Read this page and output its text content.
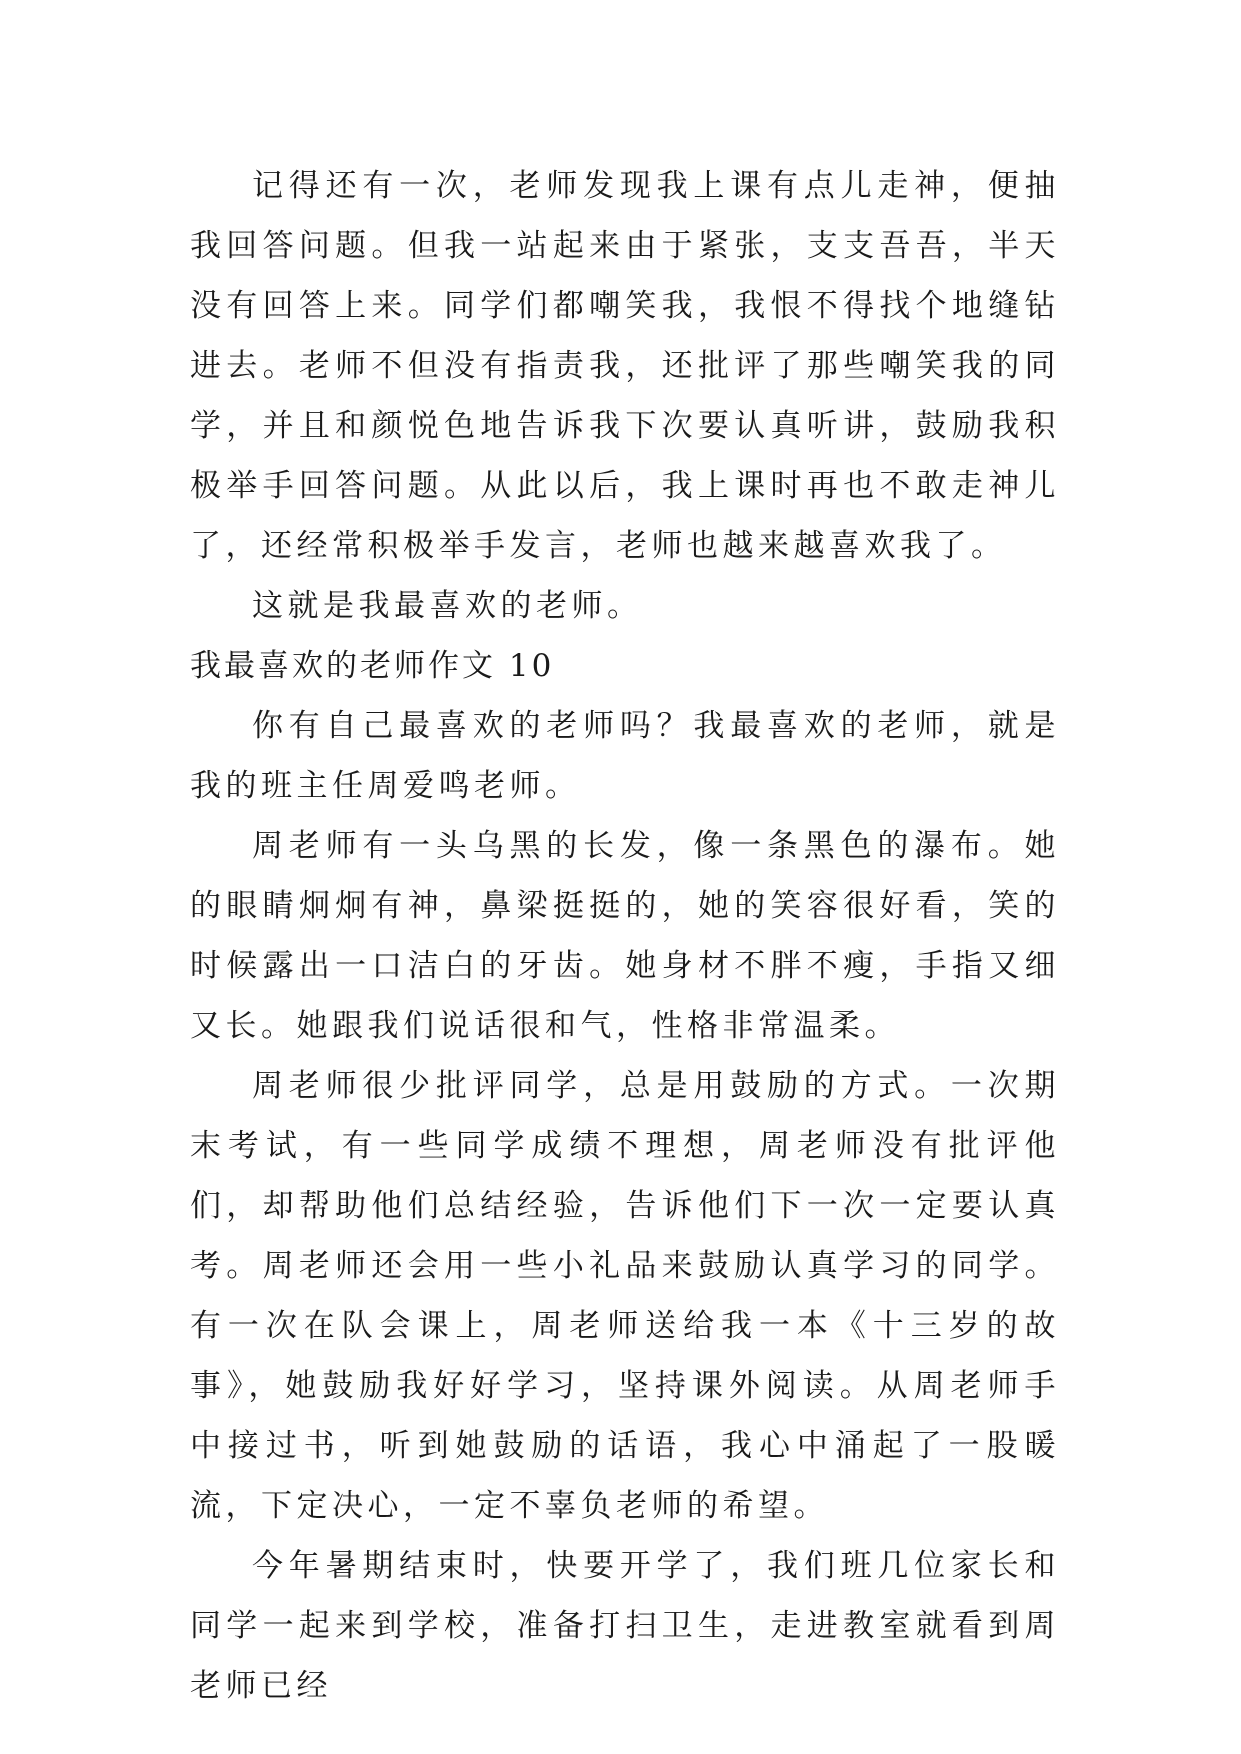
记得还有一次，老师发现我上课有点儿走神，便抽我回答问题。但我一站起来由于紧张，支支吾吾，半天没有回答上来。同学们都嘲笑我，我恨不得找个地缝钻进去。老师不但没有指责我，还批评了那些嘲笑我的同学，并且和颜悦色地告诉我下次要认真听讲，鼓励我积极举手回答问题。从此以后，我上课时再也不敢走神儿了，还经常积极举手发言，老师也越来越喜欢我了。

这就是我最喜欢的老师。

我最喜欢的老师作文 10

你有自己最喜欢的老师吗？我最喜欢的老师，就是我的班主任周爱鸣老师。

周老师有一头乌黑的长发，像一条黑色的瀑布。她的眼睛炯炯有神，鼻梁挺挺的，她的笑容很好看，笑的时候露出一口洁白的牙齿。她身材不胖不瘦，手指又细又长。她跟我们说话很和气，性格非常温柔。

周老师很少批评同学，总是用鼓励的方式。一次期末考试，有一些同学成绩不理想，周老师没有批评他们，却帮助他们总结经验，告诉他们下一次一定要认真考。周老师还会用一些小礼品来鼓励认真学习的同学。有一次在队会课上，周老师送给我一本《十三岁的故事》，她鼓励我好好学习，坚持课外阅读。从周老师手中接过书，听到她鼓励的话语，我心中涌起了一股暖流，下定决心，一定不辜负老师的希望。

今年暑期结束时，快要开学了，我们班几位家长和同学一起来到学校，准备打扫卫生，走进教室就看到周老师已经
